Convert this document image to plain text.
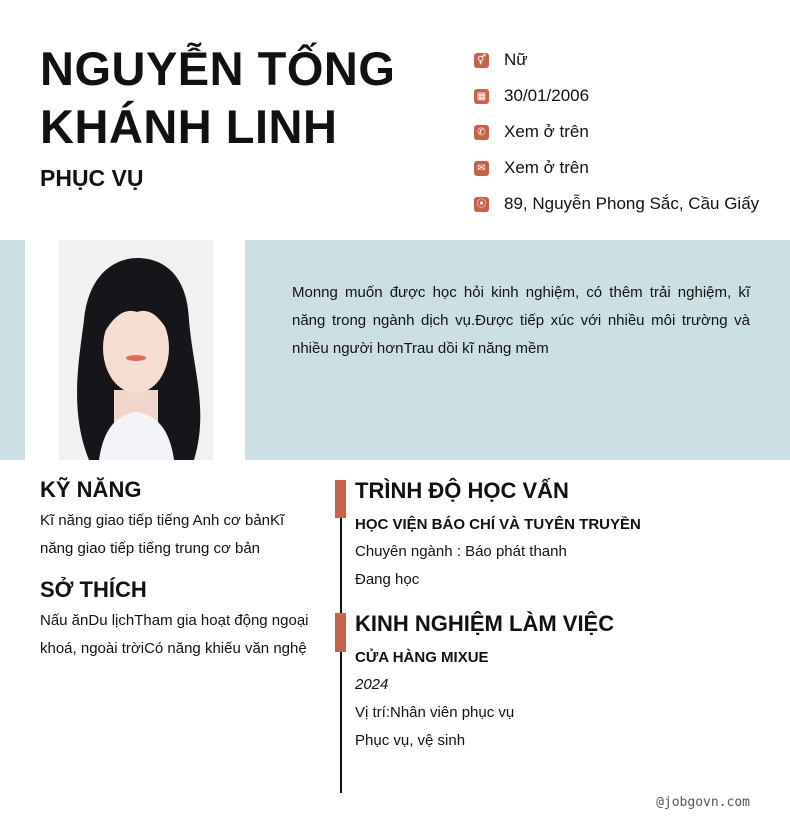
NGUYỄN TỐNG
KHÁNH LINH
PHỤC VỤ
⚥ Nữ
▦ 30/01/2006
✆ Xem ở trên
✉ Xem ở trên
⦿ 89, Nguyễn Phong Sắc, Cầu Giấy
Monng muốn được học hỏi kinh nghiệm, có thêm trải nghiệm, kĩ năng trong ngành dịch vụ.Được tiếp xúc với nhiều môi trường và nhiều người hơnTrau dồi kĩ năng mềm
KỸ NĂNG

Kĩ năng giao tiếp tiếng Anh cơ bảnKĩ năng giao tiếp tiếng trung cơ bản

SỞ THÍCH

Nấu ănDu lịchTham gia hoạt động ngoại khoá, ngoài trờiCó năng khiếu văn nghệ

TRÌNH ĐỘ HỌC VẤN
HỌC VIỆN BÁO CHÍ VÀ TUYÊN TRUYỀN

Chuyên ngành : Báo phát thanh

Đang học

KINH NGHIỆM LÀM VIỆC
CỬA HÀNG MIXUE

2024

Vị trí:Nhân viên phục vụ

Phục vụ, vệ sinh

@jobgovn.com
